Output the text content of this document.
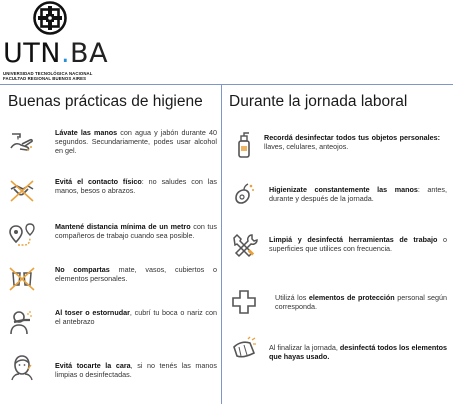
UTN.BA
UNIVERSIDAD TECNOLÓGICA NACIONAL
FACULTAD REGIONAL BUENOS AIRES
Buenas prácticas de higiene Durante la jornada laboral
Lávate las manos con agua y jabón durante 40 segundos. Secundariamente, podes usar alcohol en gel.
Evitá el contacto físico: no saludes con las manos, besos o abrazos.
Mantené distancia mínima de un metro con tus compañeros de trabajo cuando sea posible.
No compartas mate, vasos, cubiertos o elementos personales.
Al toser o estornudar, cubrí tu boca o nariz con el antebrazo
Evitá tocarte la cara, si no tenés las manos limpias o desinfectadas.
Recordá desinfectar todos tus objetos personales: llaves, celulares, anteojos.
Higienizate constantemente las manos: antes, durante y después de la jornada.
Limpiá y desinfectá herramientas de trabajo o superficies que utilices con frecuencia.
Utilizá los elementos de protección personal según corresponda.
Al finalizar la jornada, desinfectá todos los elementos que hayas usado.
